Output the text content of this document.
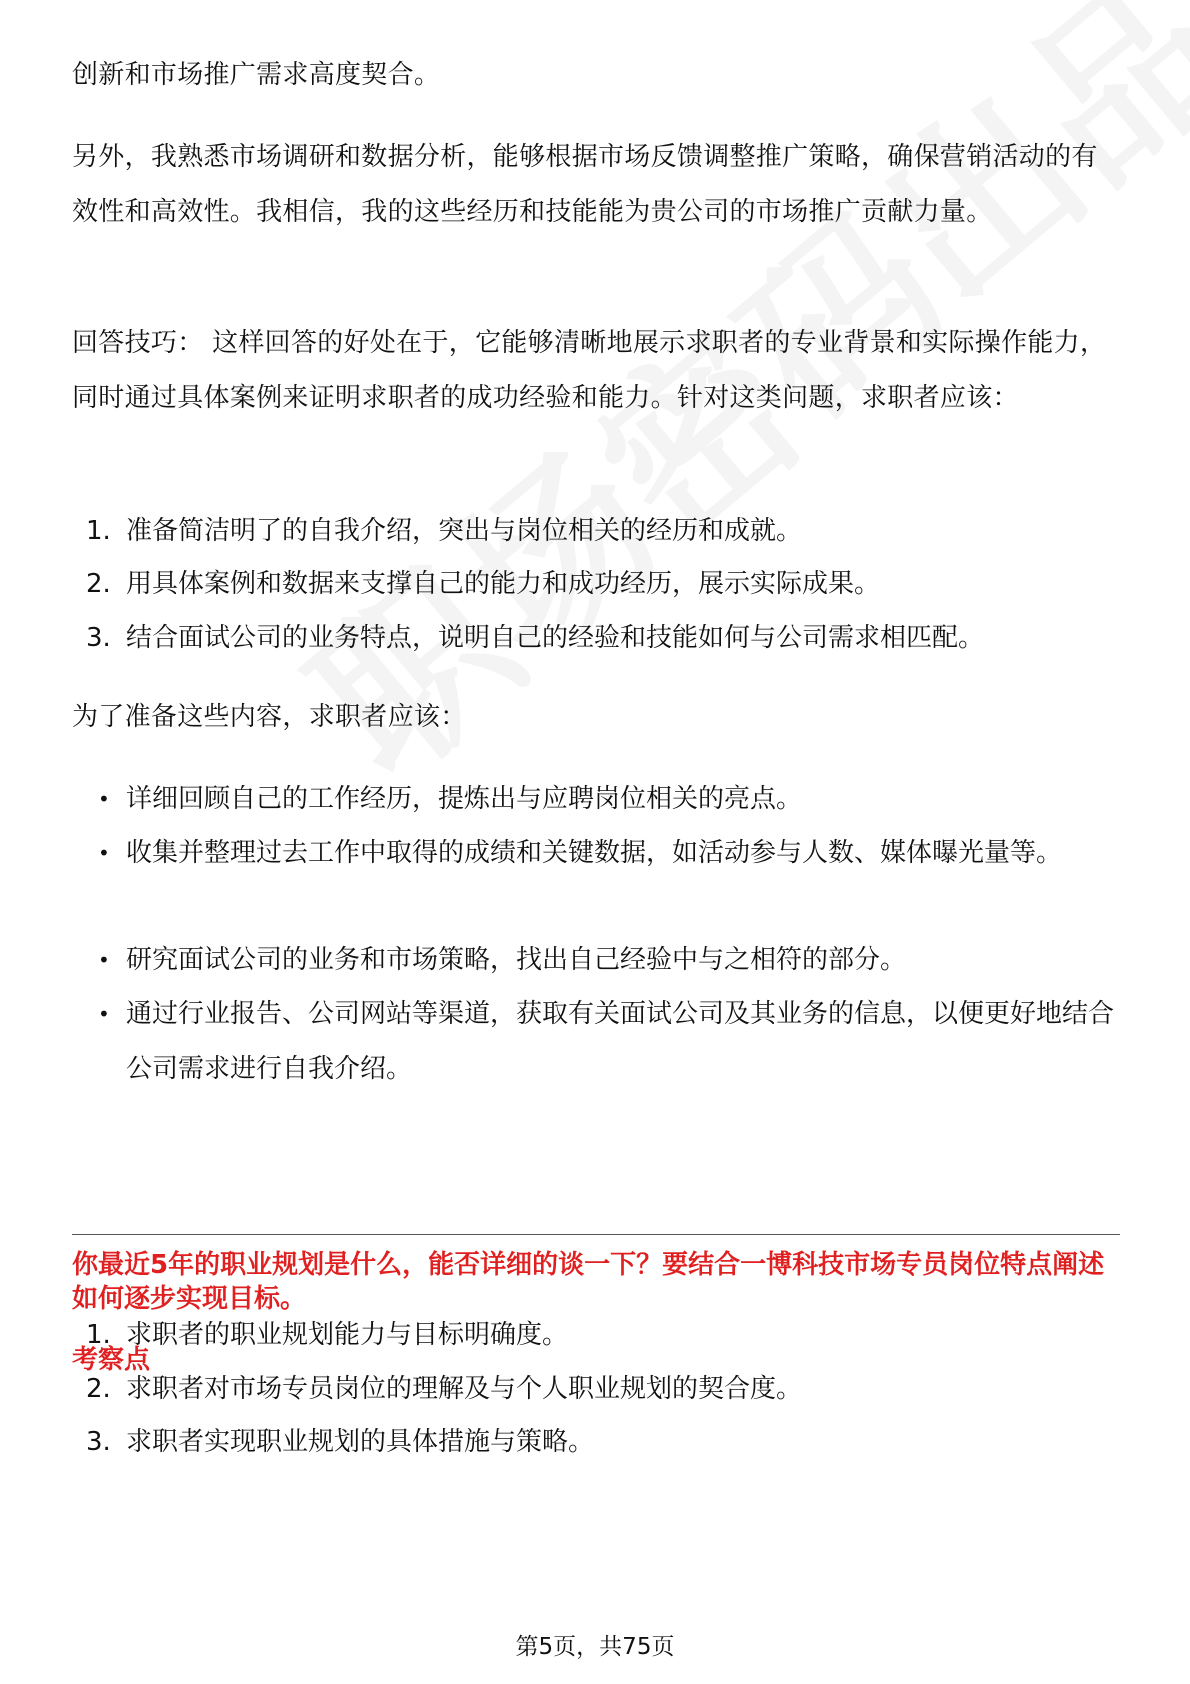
创新和市场推广需求高度契合。

另外，我熟悉市场调研和数据分析，能够根据市场反馈调整推广策略，确保营销活动的有效性和高效性。我相信，我的这些经历和技能能为贵公司的市场推广贡献力量。

回答技巧： 这样回答的好处在于，它能够清晰地展示求职者的专业背景和实际操作能力，同时通过具体案例来证明求职者的成功经验和能力。针对这类问题，求职者应该：

1. 准备简洁明了的自我介绍，突出与岗位相关的经历和成就。
2. 用具体案例和数据来支撑自己的能力和成功经历，展示实际成果。
3. 结合面试公司的业务特点，说明自己的经验和技能如何与公司需求相匹配。

为了准备这些内容，求职者应该：

• 详细回顾自己的工作经历，提炼出与应聘岗位相关的亮点。
• 收集并整理过去工作中取得的成绩和关键数据，如活动参与人数、媒体曝光量等。
• 研究面试公司的业务和市场策略，找出自己经验中与之相符的部分。
• 通过行业报告、公司网站等渠道，获取有关面试公司及其业务的信息，以便更好地结合公司需求进行自我介绍。
你最近5年的职业规划是什么，能否详细的谈一下？要结合一博科技市场专员岗位特点阐述如何逐步实现目标。
考察点
1. 求职者的职业规划能力与目标明确度。
2. 求职者对市场专员岗位的理解及与个人职业规划的契合度。
3. 求职者实现职业规划的具体措施与策略。
第5页，共75页
